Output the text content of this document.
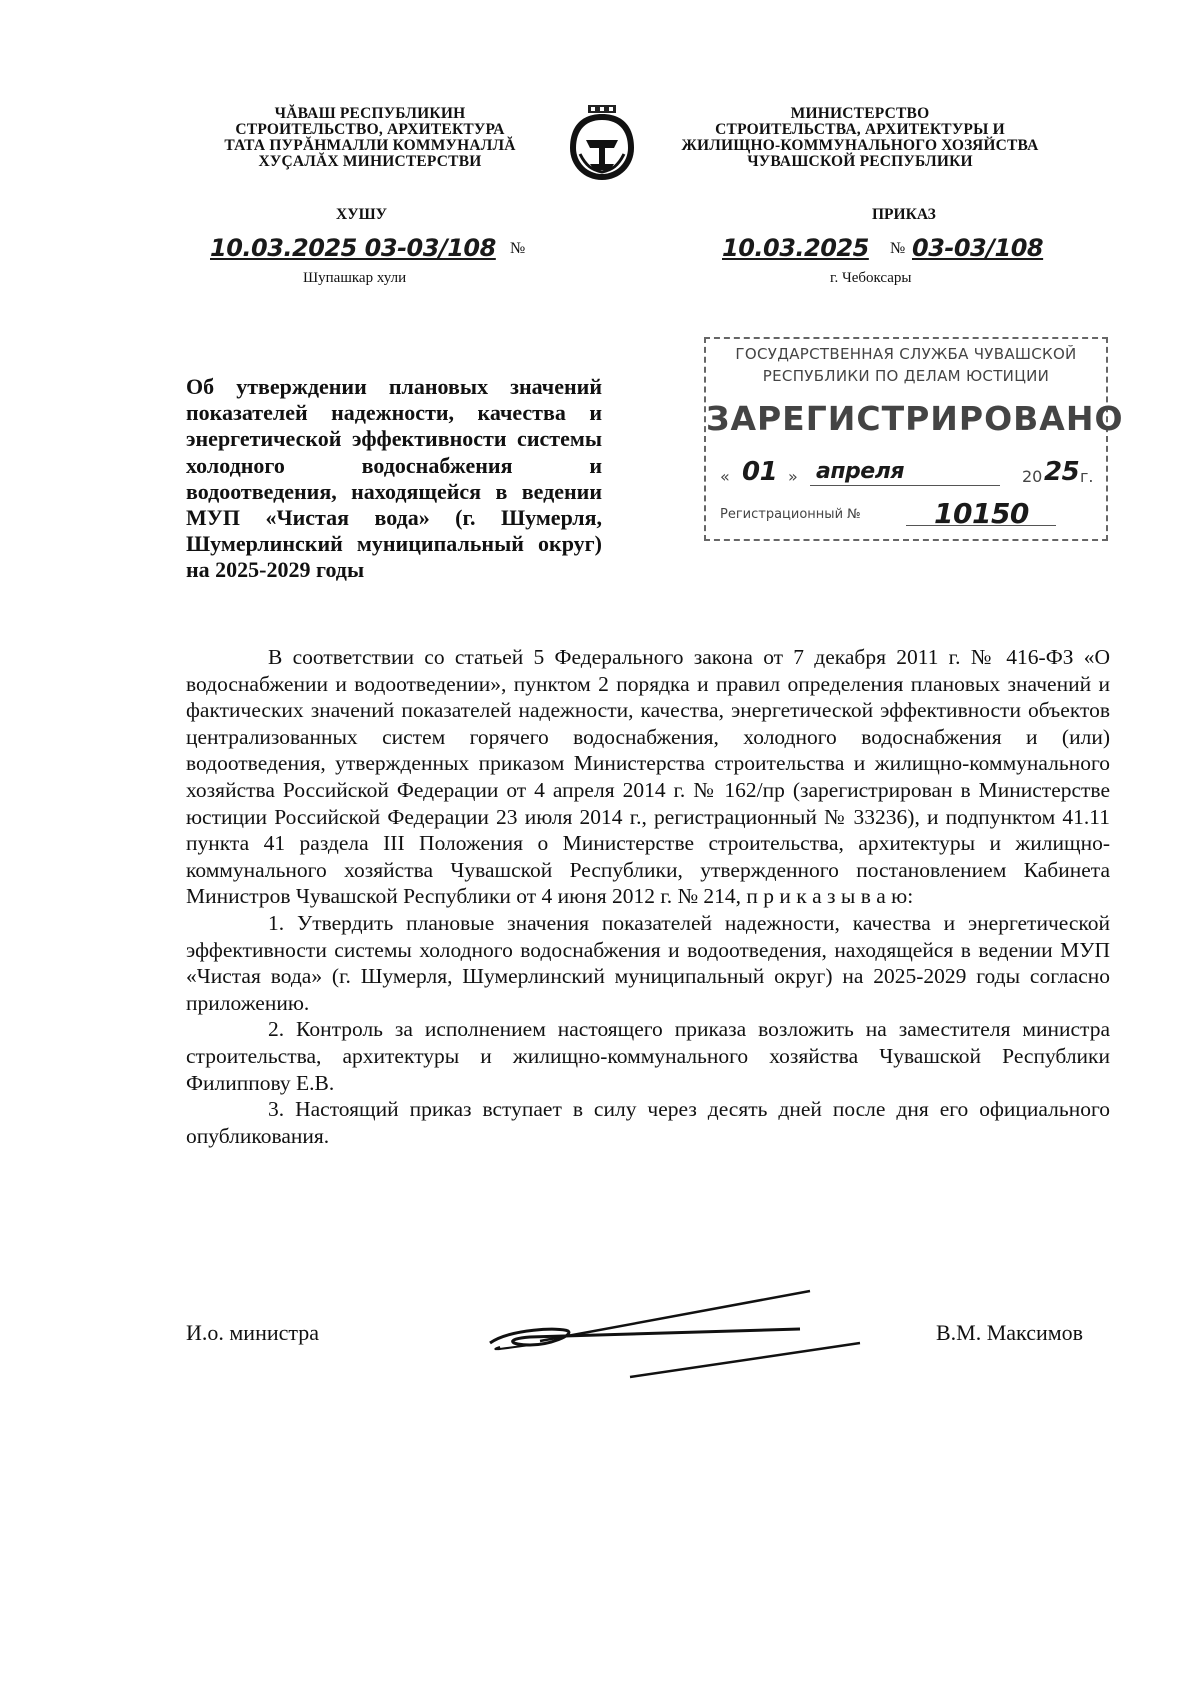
ЧĂВАШ РЕСПУБЛИКИН
СТРОИТЕЛЬСТВО, АРХИТЕКТУРА
ТАТА ПУРĂНМАЛЛИ КОММУНАЛЛĂ
ХУÇАЛĂХ МИНИСТЕРСТВИ
МИНИСТЕРСТВО
СТРОИТЕЛЬСТВА, АРХИТЕКТУРЫ И
ЖИЛИЩНО-КОММУНАЛЬНОГО ХОЗЯЙСТВА
ЧУВАШСКОЙ РЕСПУБЛИКИ
ХУШУ	ПРИКАЗ
10.03.2025 03-03/108 №
Шупашкар хули
10.03.2025 № 03-03/108
г. Чебоксары
ГОСУДАРСТВЕННАЯ СЛУЖБА ЧУВАШСКОЙ
РЕСПУБЛИКИ ПО ДЕЛАМ ЮСТИЦИИ
ЗАРЕГИСТРИРОВАНО
« 01 » апреля	20 25 г.
Регистрационный №	10150
Об утверждении плановых значений показателей надежности, качества и энергетической эффективности системы холодного водоснабжения и водоотведения, находящейся в ведении МУП «Чистая вода» (г. Шумерля, Шумерлинский муниципальный округ) на 2025-2029 годы

В соответствии со статьей 5 Федерального закона от 7 декабря 2011 г. № 416-ФЗ «О водоснабжении и водоотведении», пунктом 2 порядка и правил определения плановых значений и фактических значений показателей надежности, качества, энергетической эффективности объектов централизованных систем горячего водоснабжения, холодного водоснабжения и (или) водоотведения, утвержденных приказом Министерства строительства и жилищно-коммунального хозяйства Российской Федерации от 4 апреля 2014 г. № 162/пр (зарегистрирован в Министерстве юстиции Российской Федерации 23 июля 2014 г., регистрационный № 33236), и подпунктом 41.11 пункта 41 раздела III Положения о Министерстве строительства, архитектуры и жилищно-коммунального хозяйства Чувашской Республики, утвержденного постановлением Кабинета Министров Чувашской Республики от 4 июня 2012 г. № 214, п р и к а з ы в а ю:

1. Утвердить плановые значения показателей надежности, качества и энергетической эффективности системы холодного водоснабжения и водоотведения, находящейся в ведении МУП «Чистая вода» (г. Шумерля, Шумерлинский муниципальный округ) на 2025-2029 годы согласно приложению.

2. Контроль за исполнением настоящего приказа возложить на заместителя министра строительства, архитектуры и жилищно-коммунального хозяйства Чувашской Республики Филиппову Е.В.

3. Настоящий приказ вступает в силу через десять дней после дня его официального опубликования.

И.о. министра	В.М. Максимов
